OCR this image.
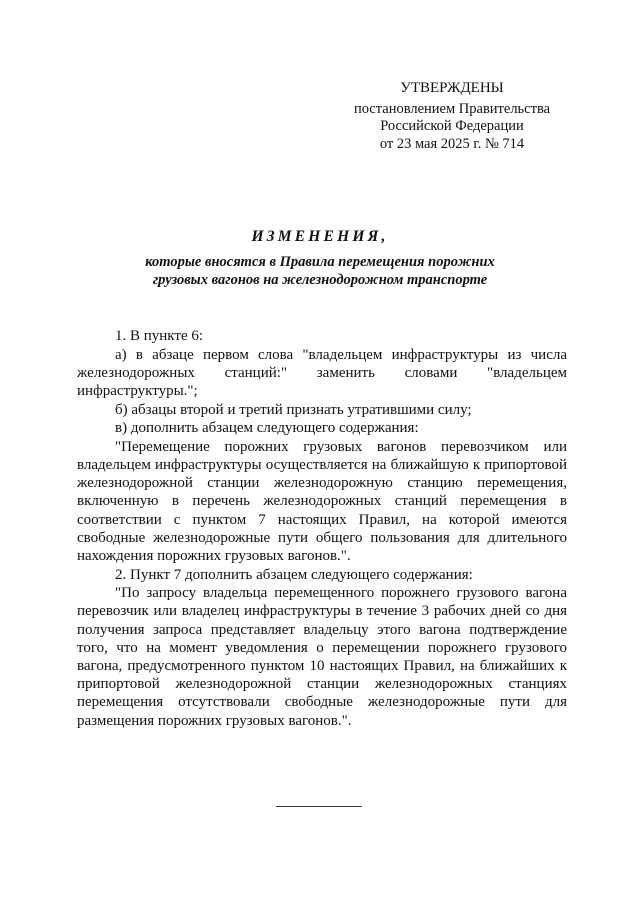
УТВЕРЖДЕНЫ
постановлением Правительства
Российской Федерации
от 23 мая 2025 г. № 714
ИЗМЕНЕНИЯ,
которые вносятся в Правила перемещения порожних
грузовых вагонов на железнодорожном транспорте

1. В пункте 6:

а) в абзаце первом слова "владельцем инфраструктуры из числа железнодорожных станций:" заменить словами "владельцем инфраструктуры.";

б) абзацы второй и третий признать утратившими силу;

в) дополнить абзацем следующего содержания:

"Перемещение порожних грузовых вагонов перевозчиком или владельцем инфраструктуры осуществляется на ближайшую к припортовой железнодорожной станции железнодорожную станцию перемещения, включенную в перечень железнодорожных станций перемещения в соответствии с пунктом 7 настоящих Правил, на которой имеются свободные железнодорожные пути общего пользования для длительного нахождения порожних грузовых вагонов.".

2. Пункт 7 дополнить абзацем следующего содержания:

"По запросу владельца перемещенного порожнего грузового вагона перевозчик или владелец инфраструктуры в течение 3 рабочих дней со дня получения запроса представляет владельцу этого вагона подтверждение того, что на момент уведомления о перемещении порожнего грузового вагона, предусмотренного пунктом 10 настоящих Правил, на ближайших к припортовой железнодорожной станции железнодорожных станциях перемещения отсутствовали свободные железнодорожные пути для размещения порожних грузовых вагонов.".
